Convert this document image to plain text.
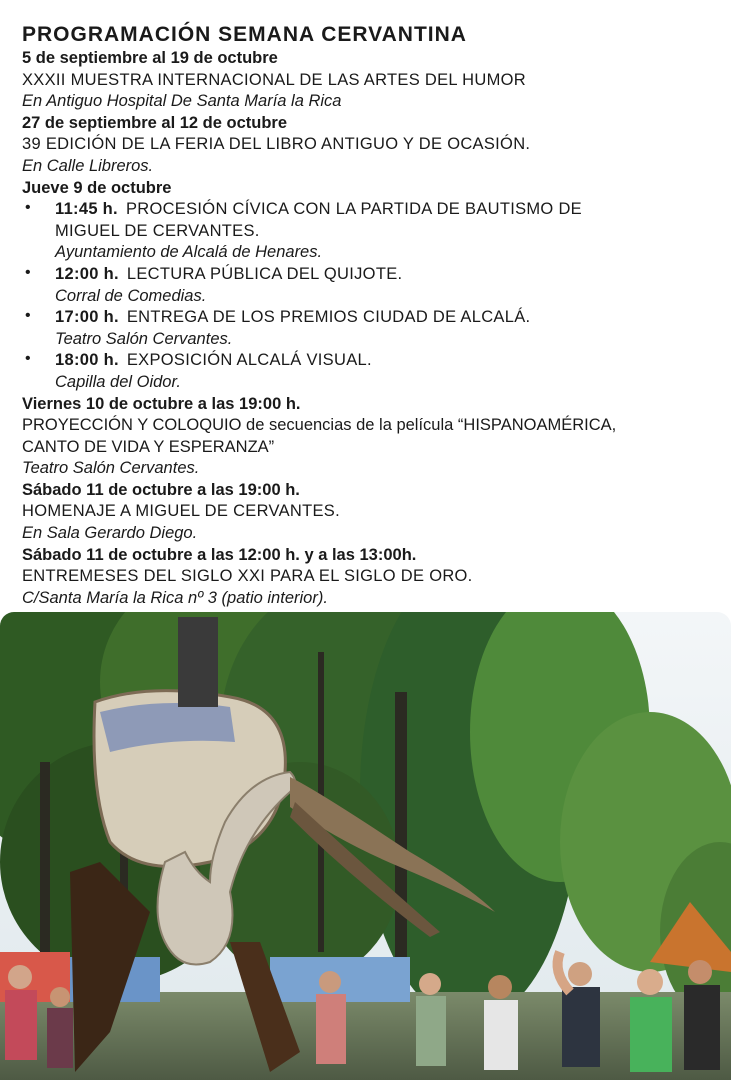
PROGRAMACIÓN SEMANA CERVANTINA

5 de septiembre al 19 de octubre

XXXII MUESTRA INTERNACIONAL DE LAS ARTES DEL HUMOR

En Antiguo Hospital De Santa María la Rica

27 de septiembre al 12 de octubre

39 EDICIÓN DE LA FERIA DEL LIBRO ANTIGUO Y DE OCASIÓN.

En Calle Libreros.

Jueve 9 de octubre

• 11:45 h. PROCESIÓN CÍVICA CON LA PARTIDA DE BAUTISMO DE

MIGUEL DE CERVANTES.

Ayuntamiento de Alcalá de Henares.

• 12:00 h. LECTURA PÚBLICA DEL QUIJOTE.

Corral de Comedias.

• 17:00 h. ENTREGA DE LOS PREMIOS CIUDAD DE ALCALÁ.

Teatro Salón Cervantes.

• 18:00 h. EXPOSICIÓN ALCALÁ VISUAL.

Capilla del Oidor.

Viernes 10 de octubre a las 19:00 h.

PROYECCIÓN Y COLOQUIO de secuencias de la película “HISPANOAMÉRICA,

CANTO DE VIDA Y ESPERANZA”

Teatro Salón Cervantes.

Sábado 11 de octubre a las 19:00 h.

HOMENAJE A MIGUEL DE CERVANTES.

En Sala Gerardo Diego.

Sábado 11 de octubre a las 12:00 h. y a las 13:00h.

ENTREMESES DEL SIGLO XXI PARA EL SIGLO DE ORO.

C/Santa María la Rica nº 3 (patio interior).
